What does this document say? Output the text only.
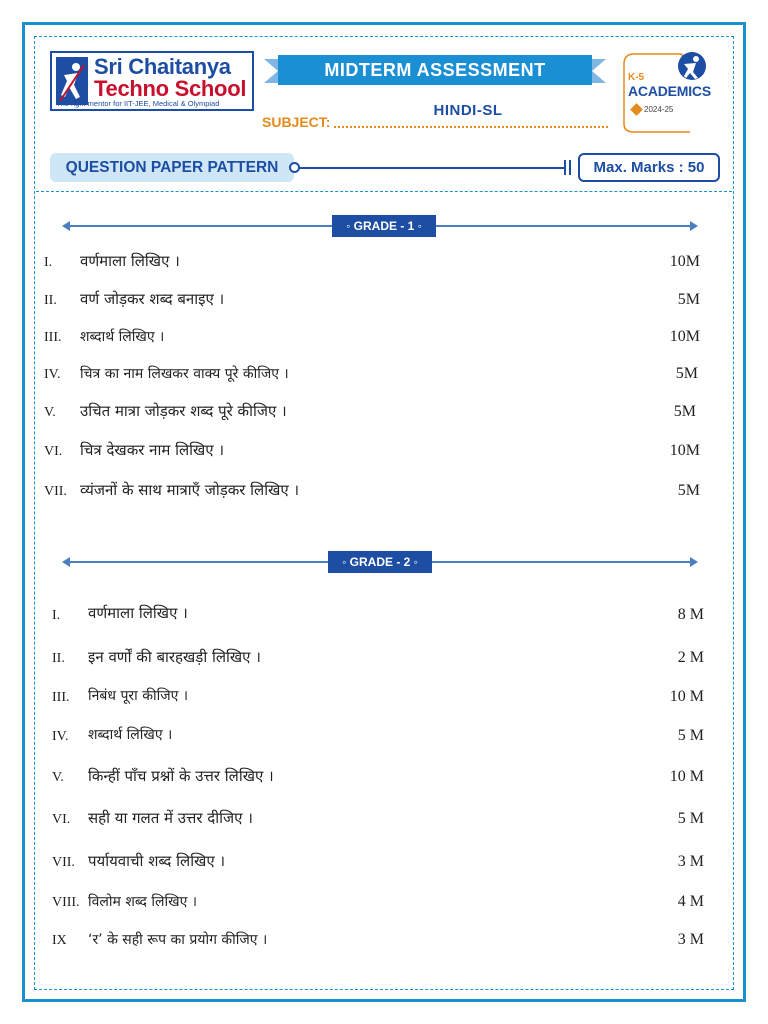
Sri Chaitanya
Techno School
The right mentor for IIT-JEE, Medical & Olympiad
MIDTERM ASSESSMENT
SUBJECT:
HINDI-SL
K-5
ACADEMICS
2024-25
QUESTION PAPER PATTERN	Max. Marks : 50
◦ GRADE - 1 ◦
I. वर्णमाला लिखिए ।	10M
II. वर्ण जोड़कर शब्द बनाइए ।	5M
III. शब्दार्थ लिखिए ।	10M
IV. चित्र का नाम लिखकर वाक्य पूरे कीजिए ।	5M
V. उचित मात्रा जोड़कर शब्द पूरे कीजिए ।	5M
VI. चित्र देखकर नाम लिखिए ।	10M
VII. व्यंजनों के साथ मात्राएँ जोड़कर लिखिए ।	5M
◦ GRADE - 2 ◦
I. वर्णमाला लिखिए ।	8 M
II. इन वर्णों की बारहखड़ी लिखिए ।	2 M
III. निबंध पूरा कीजिए ।	10 M
IV. शब्दार्थ लिखिए ।	5 M
V. किन्हीं पाँच प्रश्नों के उत्तर लिखिए ।	10 M
VI. सही या गलत में उत्तर दीजिए ।	5 M
VII. पर्यायवाची शब्द लिखिए ।	3 M
VIII. विलोम शब्द लिखिए ।	4 M
IX ‘र’ के सही रूप का प्रयोग कीजिए ।	3 M
